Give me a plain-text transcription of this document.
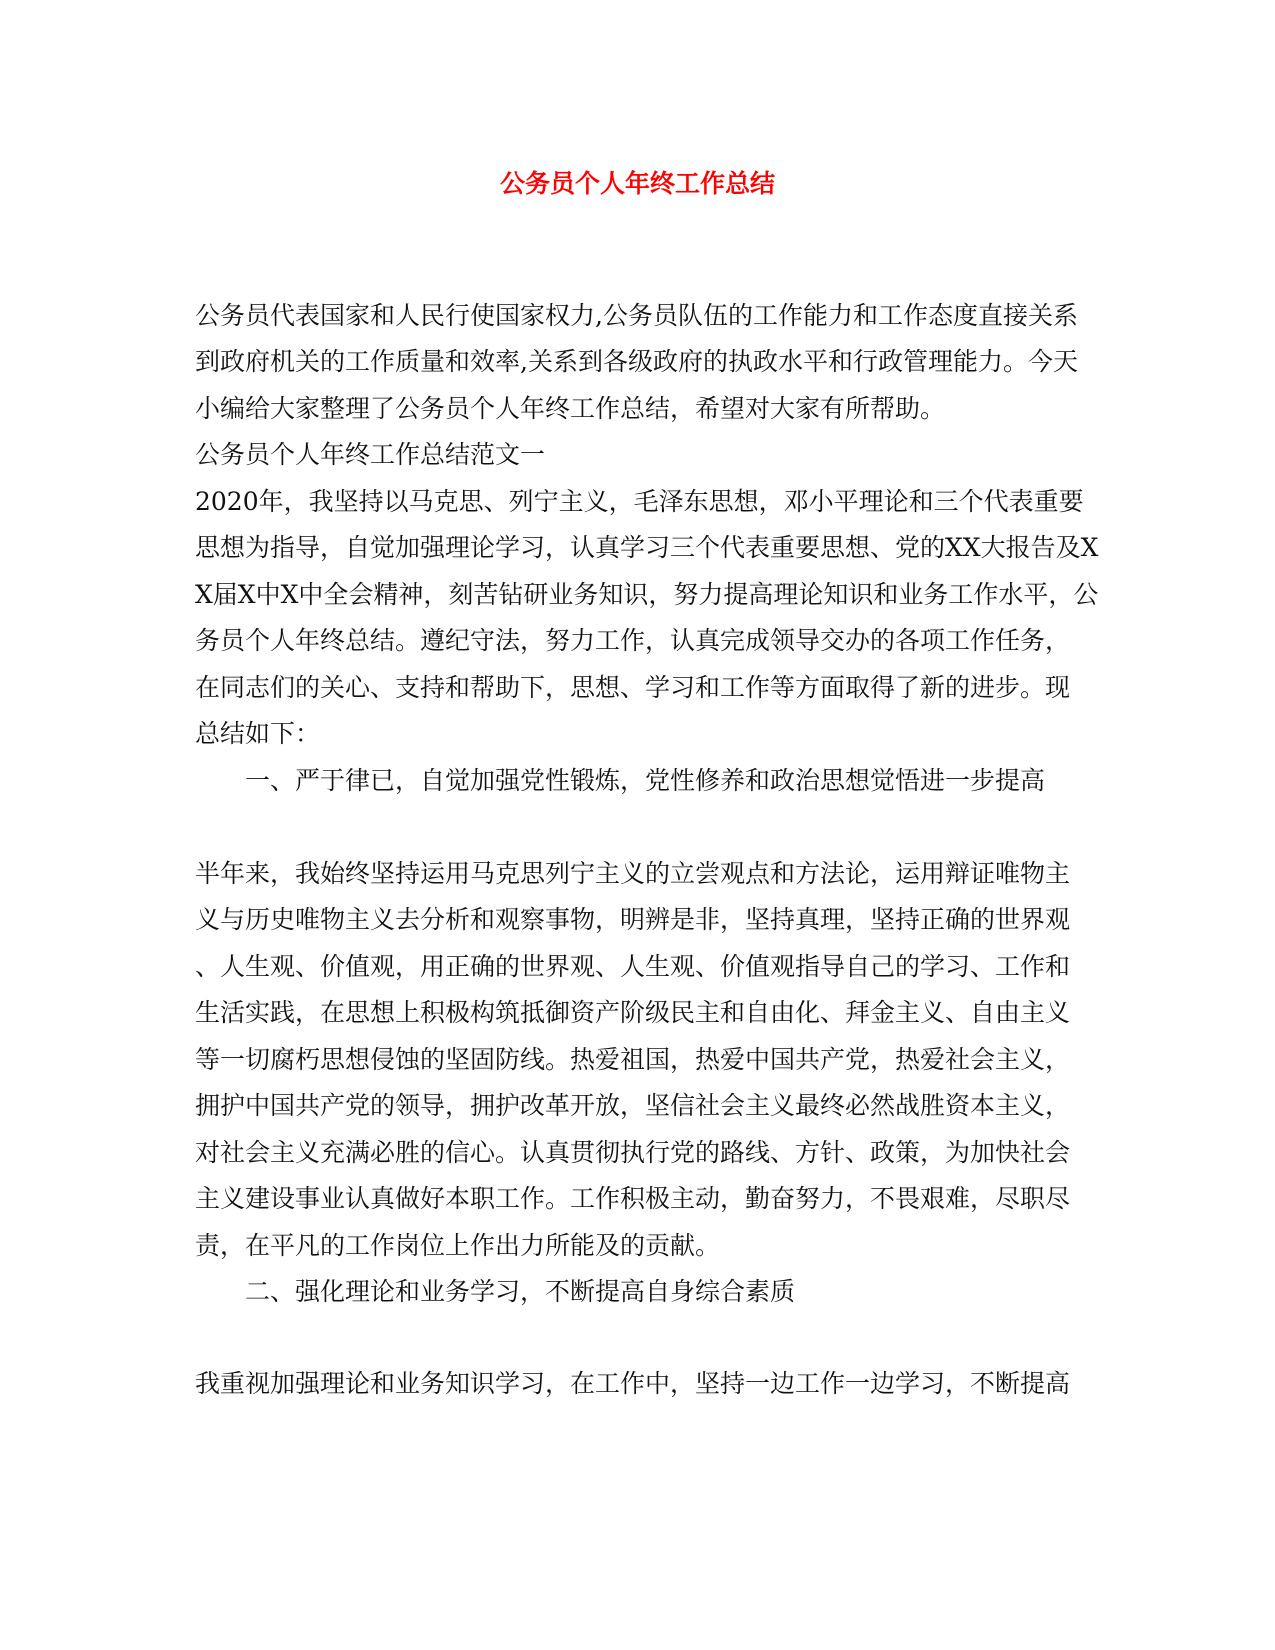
公务员个人年终工作总结

公务员代表国家和人民行使国家权力,公务员队伍的工作能力和工作态度直接关系

到政府机关的工作质量和效率,关系到各级政府的执政水平和行政管理能力。今天

小编给大家整理了公务员个人年终工作总结，希望对大家有所帮助。

公务员个人年终工作总结范文一

2020年，我坚持以马克思、列宁主义，毛泽东思想，邓小平理论和三个代表重要

思想为指导，自觉加强理论学习，认真学习三个代表重要思想、党的XX大报告及X

X届X中X中全会精神，刻苦钻研业务知识，努力提高理论知识和业务工作水平，公

务员个人年终总结。遵纪守法，努力工作，认真完成领导交办的各项工作任务，

在同志们的关心、支持和帮助下，思想、学习和工作等方面取得了新的进步。现

总结如下：

一、严于律已，自觉加强党性锻炼，党性修养和政治思想觉悟进一步提高

半年来，我始终坚持运用马克思列宁主义的立尝观点和方法论，运用辩证唯物主

义与历史唯物主义去分析和观察事物，明辨是非，坚持真理，坚持正确的世界观

、人生观、价值观，用正确的世界观、人生观、价值观指导自己的学习、工作和

生活实践，在思想上积极构筑抵御资产阶级民主和自由化、拜金主义、自由主义

等一切腐朽思想侵蚀的坚固防线。热爱祖国，热爱中国共产党，热爱社会主义，

拥护中国共产党的领导，拥护改革开放，坚信社会主义最终必然战胜资本主义，

对社会主义充满必胜的信心。认真贯彻执行党的路线、方针、政策，为加快社会

主义建设事业认真做好本职工作。工作积极主动，勤奋努力，不畏艰难，尽职尽

责，在平凡的工作岗位上作出力所能及的贡献。

二、强化理论和业务学习，不断提高自身综合素质

我重视加强理论和业务知识学习，在工作中，坚持一边工作一边学习，不断提高
